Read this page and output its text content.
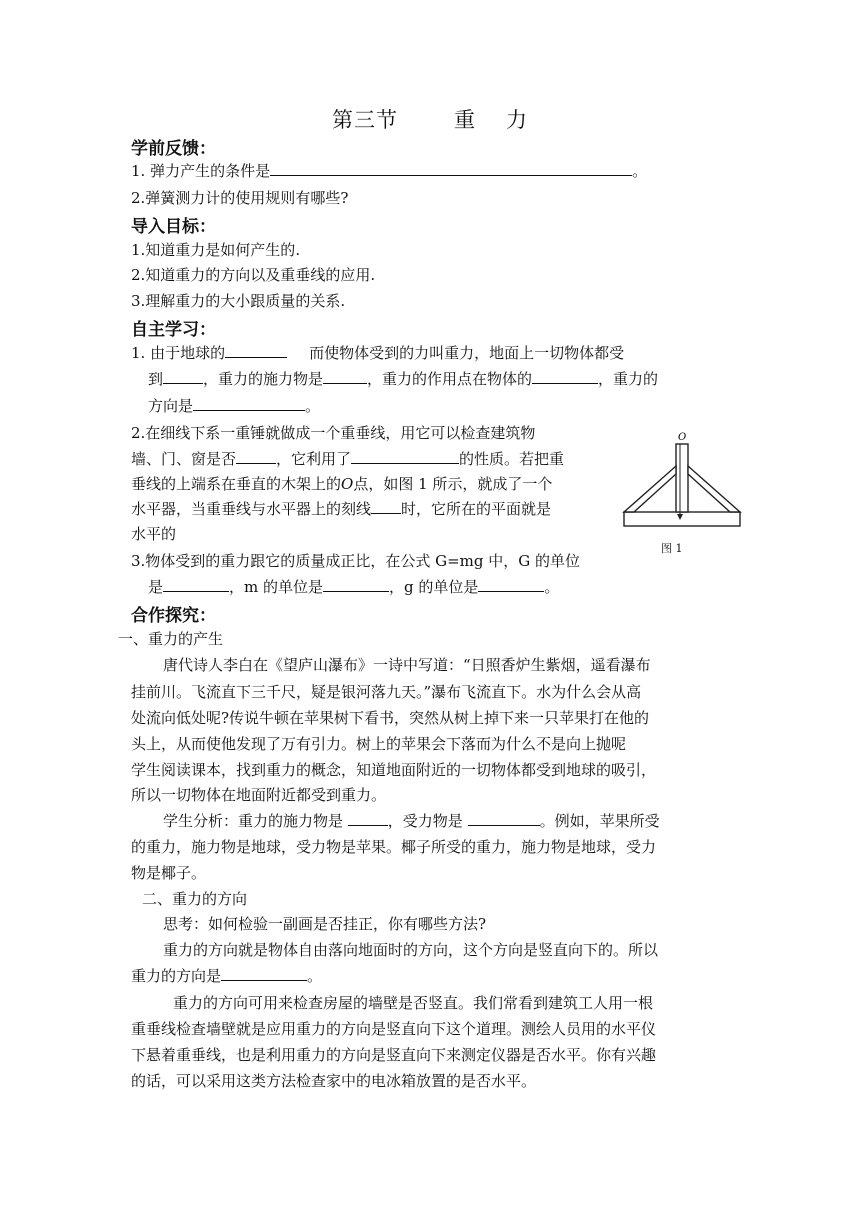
第三节	重 力
学前反馈：
1. 弹力产生的条件是	。
2.弹簧测力计的使用规则有哪些?
导入目标：
1.知道重力是如何产生的.
2.知道重力的方向以及重垂线的应用.
3.理解重力的大小跟质量的关系.
自主学习：
1. 由于地球的	而使物体受到的力叫重力，地面上一切物体都受
到	，重力的施力物是	，重力的作用点在物体的	，重力的
方向是	。
2.在细线下系一重锤就做成一个重垂线，用它可以检查建筑物
墙、门、窗是否	，它利用了	的性质。若把重
垂线的上端系在垂直的木架上的O点，如图 1 所示，就成了一个
水平器，当重垂线与水平器上的刻线 时，它所在的平面就是
水平的
3.物体受到的重力跟它的质量成正比，在公式 G=mg 中，G 的单位
是	，m 的单位是	，g 的单位是	。
O
图 1
合作探究：
一、重力的产生
唐代诗人李白在《望庐山瀑布》一诗中写道：“日照香炉生紫烟，遥看瀑布
挂前川。飞流直下三千尺，疑是银河落九天。”瀑布飞流直下。水为什么会从高
处流向低处呢?传说牛顿在苹果树下看书，突然从树上掉下来一只苹果打在他的
头上，从而使他发现了万有引力。树上的苹果会下落而为什么不是向上抛呢
学生阅读课本，找到重力的概念，知道地面附近的一切物体都受到地球的吸引，
所以一切物体在地面附近都受到重力。
学生分析：重力的施力物是	，受力物是	。例如，苹果所受
的重力，施力物是地球，受力物是苹果。椰子所受的重力，施力物是地球，受力
物是椰子。
二、重力的方向
思考：如何检验一副画是否挂正，你有哪些方法?
重力的方向就是物体自由落向地面时的方向，这个方向是竖直向下的。所以
重力的方向是	。
重力的方向可用来检查房屋的墙壁是否竖直。我们常看到建筑工人用一根
重垂线检查墙壁就是应用重力的方向是竖直向下这个道理。测绘人员用的水平仪
下悬着重垂线，也是利用重力的方向是竖直向下来测定仪器是否水平。你有兴趣
的话，可以采用这类方法检查家中的电冰箱放置的是否水平。
